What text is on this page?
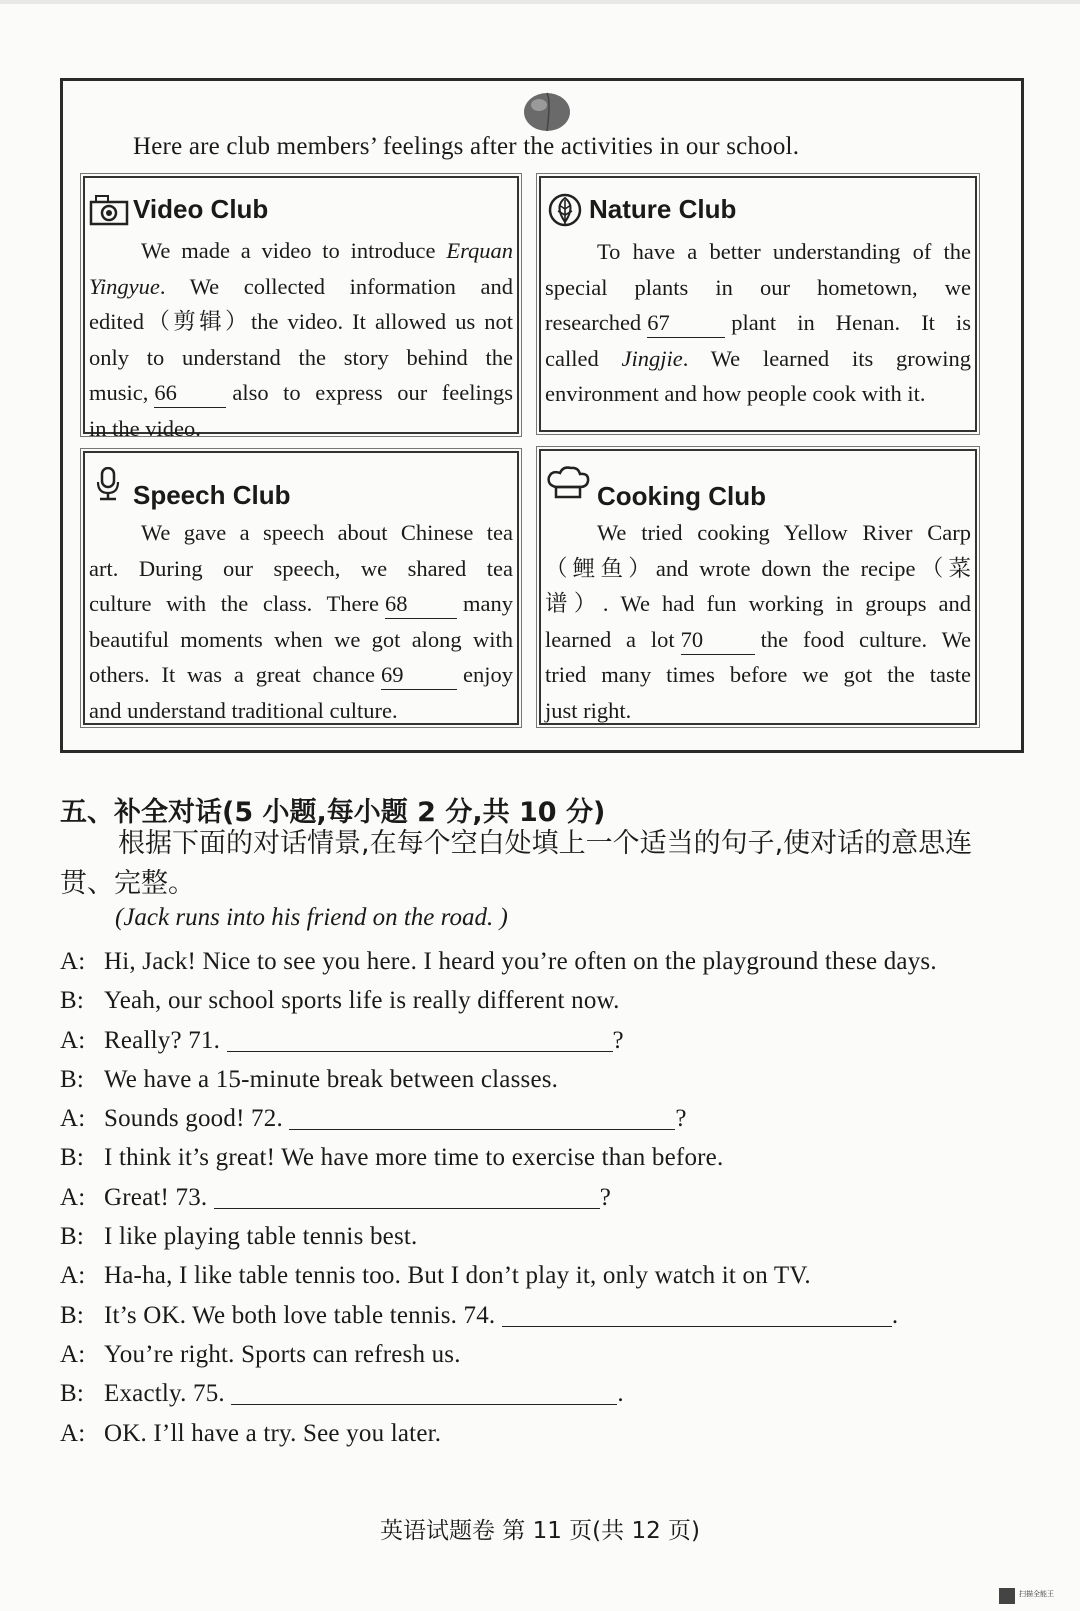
Here are club members’ feelings after the activities in our school.
Video Club
We made a video to introduce Erquan
Yingyue. We collected information and
edited（剪辑）the video. It allowed us not
only to understand the story behind the
music, 66 also to express our feelings
in the video.
Nature Club
To have a better understanding of the
special plants in our hometown, we
researched 67	plant in Henan. It is
called Jingjie. We learned its growing
environment and how people cook with it.
Speech Club
We gave a speech about Chinese tea
art. During our speech, we shared tea
culture with the class. There 68 many
beautiful moments when we got along with
others. It was a great chance 69	enjoy
and understand traditional culture.
Cooking Club
We tried cooking Yellow River Carp
（鲤鱼）and wrote down the recipe（菜
谱）. We had fun working in groups and
learned a lot 70	the food culture. We
tried many times before we got the taste
just right.
五、补全对话(5 小题,每小题 2 分,共 10 分)
根据下面的对话情景,在每个空白处填上一个适当的句子,使对话的意思连贯、完整。
(Jack runs into his friend on the road. )
A: Hi, Jack! Nice to see you here. I heard you’re often on the playground these days.
B: Yeah, our school sports life is really different now.
A: Really? 71.	?
B: We have a 15-minute break between classes.
A: Sounds good! 72.	?
B: I think it’s great! We have more time to exercise than before.
A: Great! 73.	?
B: I like playing table tennis best.
A: Ha-ha, I like table tennis too. But I don’t play it, only watch it on TV.
B: It’s OK. We both love table tennis. 74.	.
A: You’re right. Sports can refresh us.
B: Exactly. 75.	.
A: OK. I’ll have a try. See you later.
英语试题卷 第 11 页(共 12 页)
扫描全能王
